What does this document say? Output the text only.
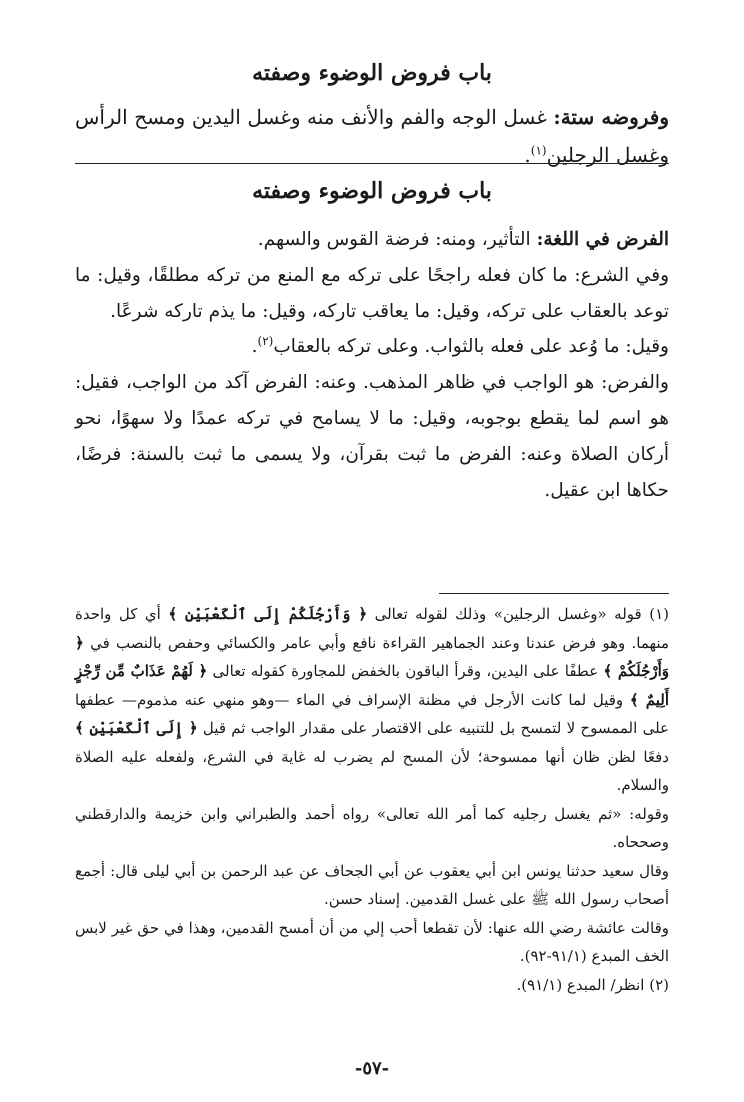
باب فروض الوضوء وصفته
وفروضه ستة: غسل الوجه والفم والأنف منه وغسل اليدين ومسح الرأس وغسل الرجلين$^{(١)}$.
باب فروض الوضوء وصفته

الفرض في اللغة: التأثير، ومنه: فرضة القوس والسهم.

وفي الشرع: ما كان فعله راجحًا على تركه مع المنع من تركه مطلقًا، وقيل: ما توعد بالعقاب على تركه، وقيل: ما يعاقب تاركه، وقيل: ما يذم تاركه شرعًا.

وقيل: ما وُعد على فعله بالثواب. وعلى تركه بالعقاب$^{(٢)}$.

والفرض: هو الواجب في ظاهر المذهب. وعنه: الفرض آكد من الواجب، فقيل: هو اسم لما يقطع بوجوبه، وقيل: ما لا يسامح في تركه عمدًا ولا سهوًا، نحو أركان الصلاة وعنه: الفرض ما ثبت بقرآن، ولا يسمى ما ثبت بالسنة: فرضًا، حكاها ابن عقيل.

(١) قوله «وغسل الرجلين» وذلك لقوله تعالى ﴿ وَأَرْجُلَكُمْ إِلَى ٱلْكَعْبَيْنِ ﴾ أي كل واحدة منهما. وهو فرض عندنا وعند الجماهير القراءة نافع وأبي عامر والكسائي وحفص بالنصب في ﴿ وَأَرْجُلَكُمْ ﴾ عطفًا على اليدين، وقرأ الباقون بالخفض للمجاورة كقوله تعالى ﴿ لَهُمْ عَذَابٌ مِّن رِّجْزٍ أَلِيمٌ ﴾ وقيل لما كانت الأرجل في مظنة الإسراف في الماء —وهو منهي عنه مذموم— عطفها على الممسوح لا لتمسح بل للتنبيه على الاقتصار على مقدار الواجب ثم قيل ﴿ إِلَى ٱلْكَعْبَيْنِ ﴾ دفعًا لظن ظان أنها ممسوحة؛ لأن المسح لم يضرب له غاية في الشرع، ولفعله عليه الصلاة والسلام.

وقوله: «ثم يغسل رجليه كما أمر الله تعالى» رواه أحمد والطبراني وابن خزيمة والدارقطني وصححاه.

وقال سعيد حدثنا يونس ابن أبي يعقوب عن أبي الجحاف عن عبد الرحمن بن أبي ليلى قال: أجمع أصحاب رسول الله ﷺ على غسل القدمين. إسناد حسن.

وقالت عائشة رضي الله عنها: لأن تقطعا أحب إلي من أن أمسح القدمين، وهذا في حق غير لابس الخف المبدع (٩١/١-٩٢).

(٢) انظر/ المبدع (٩١/١).

-٥٧-
